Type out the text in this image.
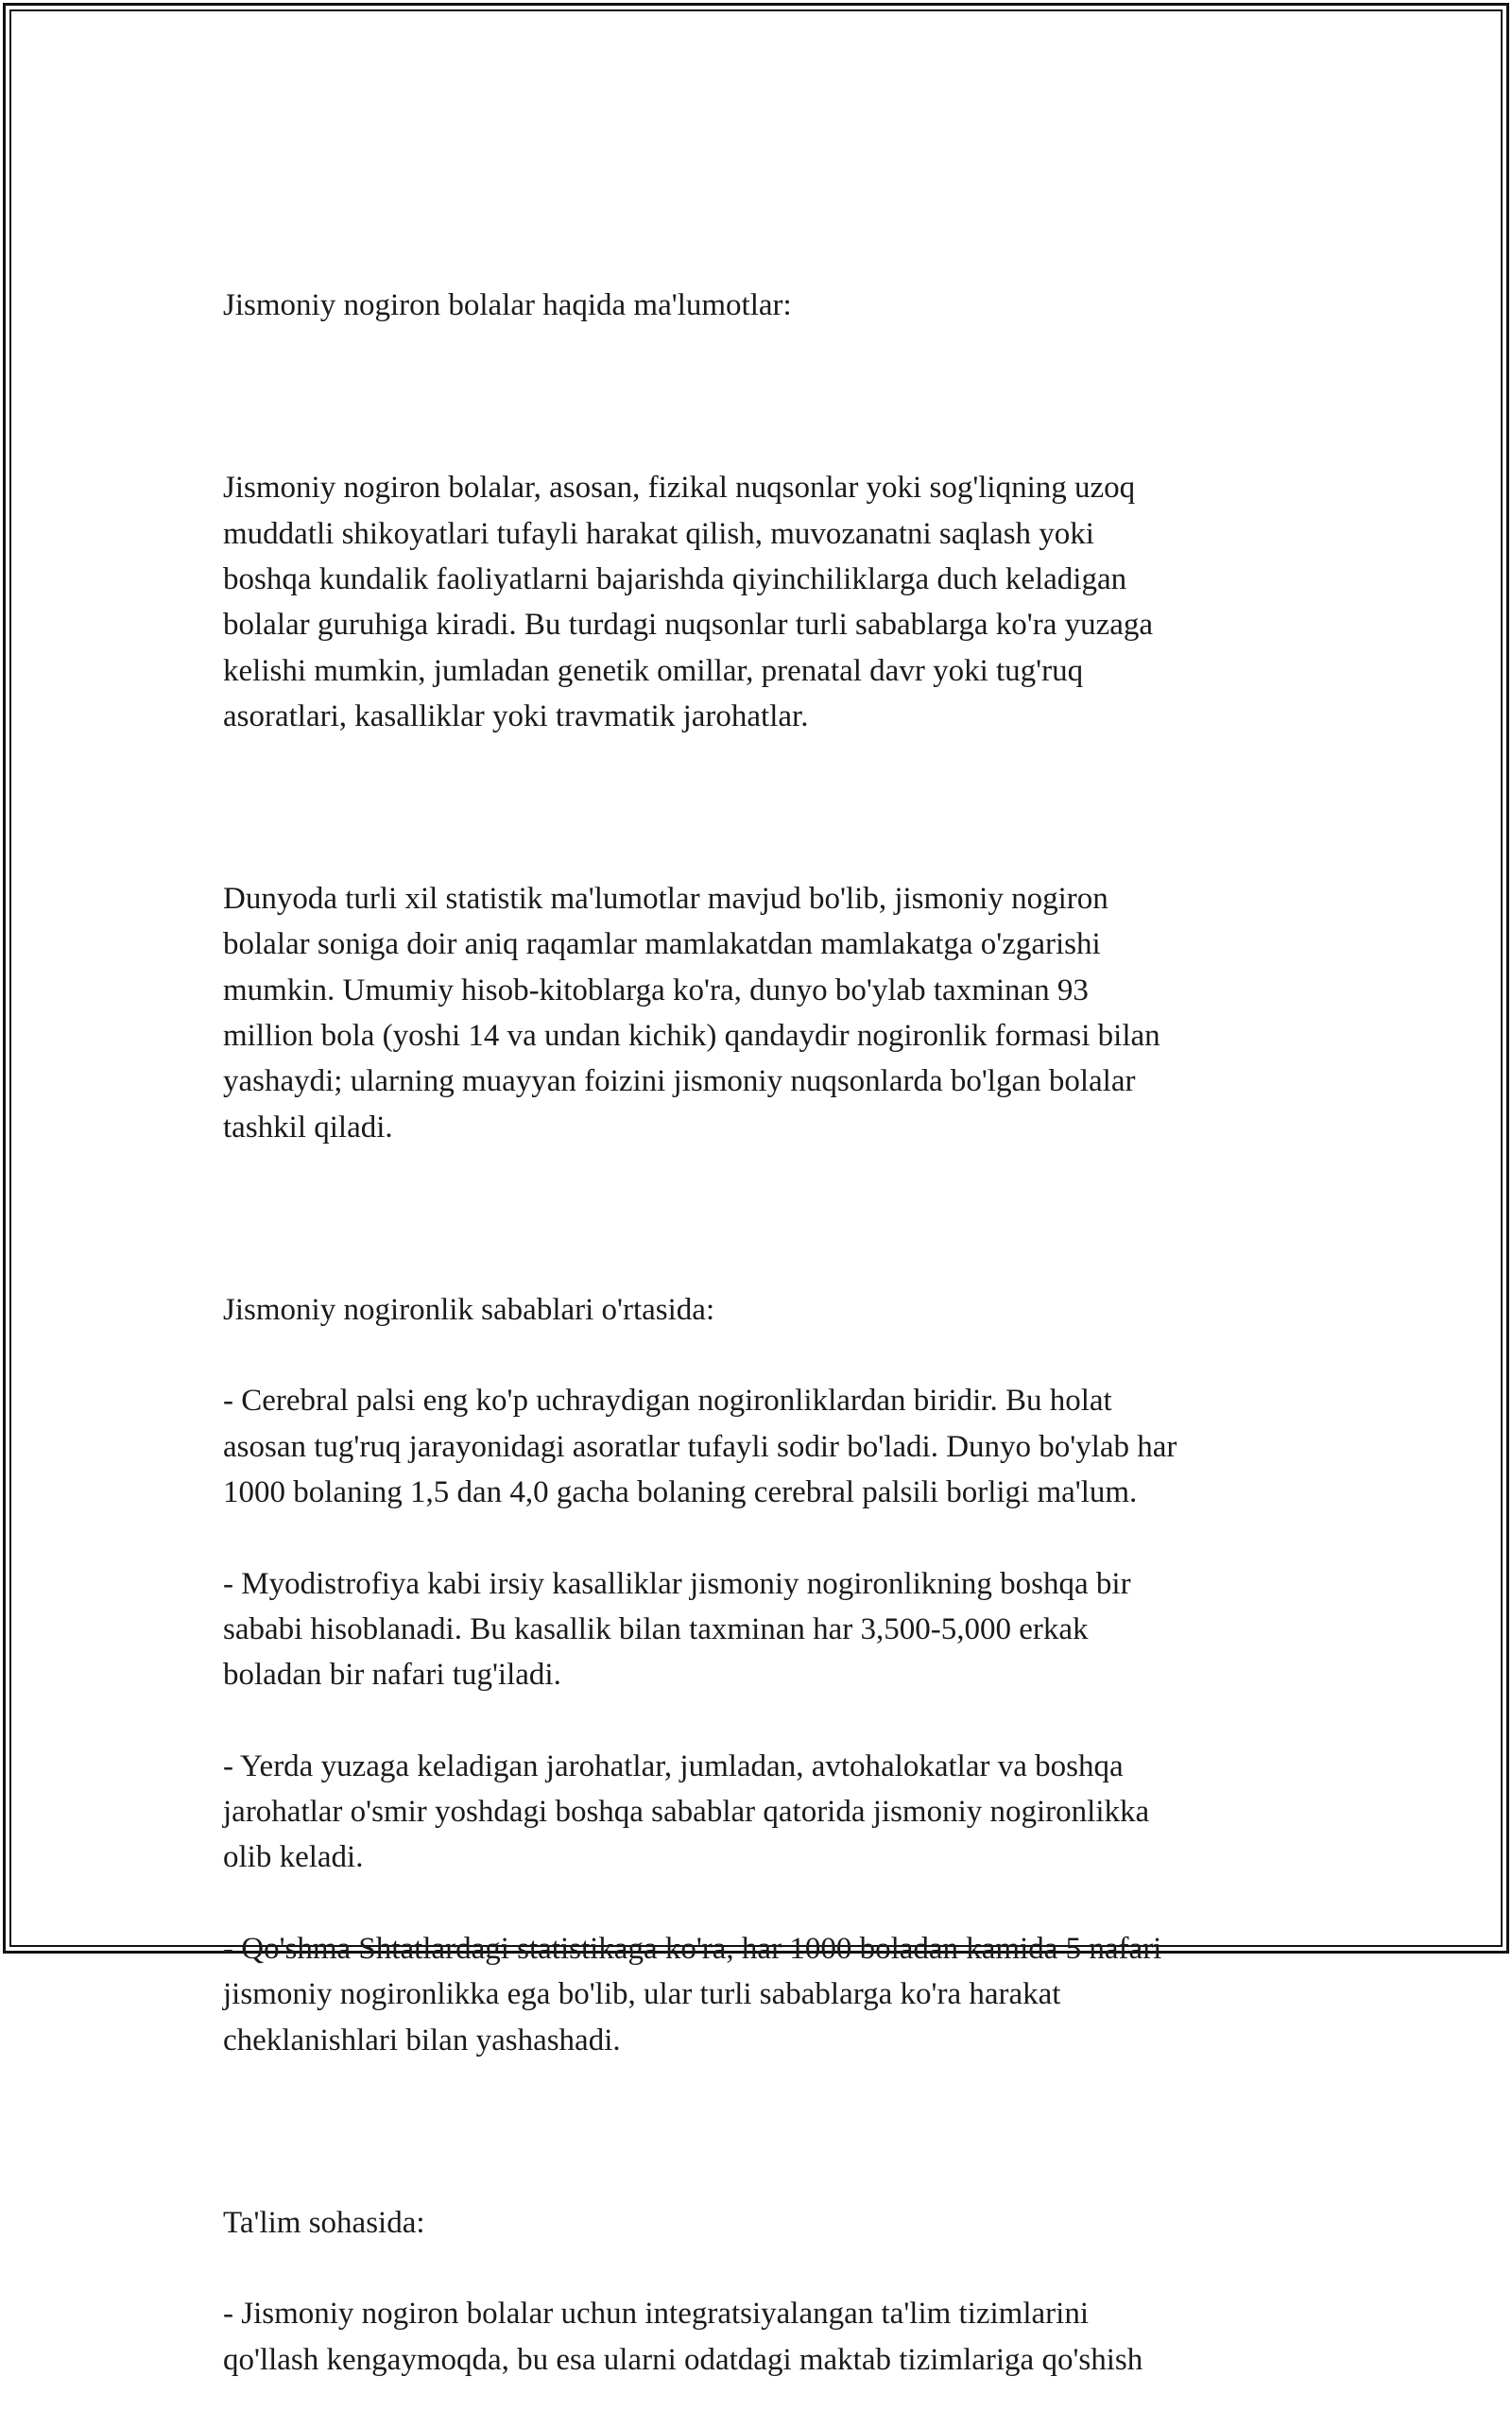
Jismoniy nogiron bolalar haqida ma'lumotlar:

Jismoniy nogiron bolalar, asosan, fizikal nuqsonlar yoki sog'liqning uzoq
muddatli shikoyatlari tufayli harakat qilish, muvozanatni saqlash yoki
boshqa kundalik faoliyatlarni bajarishda qiyinchiliklarga duch keladigan
bolalar guruhiga kiradi. Bu turdagi nuqsonlar turli sabablarga ko'ra yuzaga
kelishi mumkin, jumladan genetik omillar, prenatal davr yoki tug'ruq
asoratlari, kasalliklar yoki travmatik jarohatlar.

Dunyoda turli xil statistik ma'lumotlar mavjud bo'lib, jismoniy nogiron
bolalar soniga doir aniq raqamlar mamlakatdan mamlakatga o'zgarishi
mumkin. Umumiy hisob-kitoblarga ko'ra, dunyo bo'ylab taxminan 93
million bola (yoshi 14 va undan kichik) qandaydir nogironlik formasi bilan
yashaydi; ularning muayyan foizini jismoniy nuqsonlarda bo'lgan bolalar
tashkil qiladi.

Jismoniy nogironlik sabablari o'rtasida:

- Cerebral palsi eng ko'p uchraydigan nogironliklardan biridir. Bu holat
asosan tug'ruq jarayonidagi asoratlar tufayli sodir bo'ladi. Dunyo bo'ylab har
1000 bolaning 1,5 dan 4,0 gacha bolaning cerebral palsili borligi ma'lum.

- Myodistrofiya kabi irsiy kasalliklar jismoniy nogironlikning boshqa bir
sababi hisoblanadi. Bu kasallik bilan taxminan har 3,500-5,000 erkak
boladan bir nafari tug'iladi.

- Yerda yuzaga keladigan jarohatlar, jumladan, avtohalokatlar va boshqa
jarohatlar o'smir yoshdagi boshqa sabablar qatorida jismoniy nogironlikka
olib keladi.

- Qo'shma Shtatlardagi statistikaga ko'ra, har 1000 boladan kamida 5 nafari
jismoniy nogironlikka ega bo'lib, ular turli sabablarga ko'ra harakat
cheklanishlari bilan yashashadi.

Ta'lim sohasida:

- Jismoniy nogiron bolalar uchun integratsiyalangan ta'lim tizimlarini
qo'llash kengaymoqda, bu esa ularni odatdagi maktab tizimlariga qo'shish
